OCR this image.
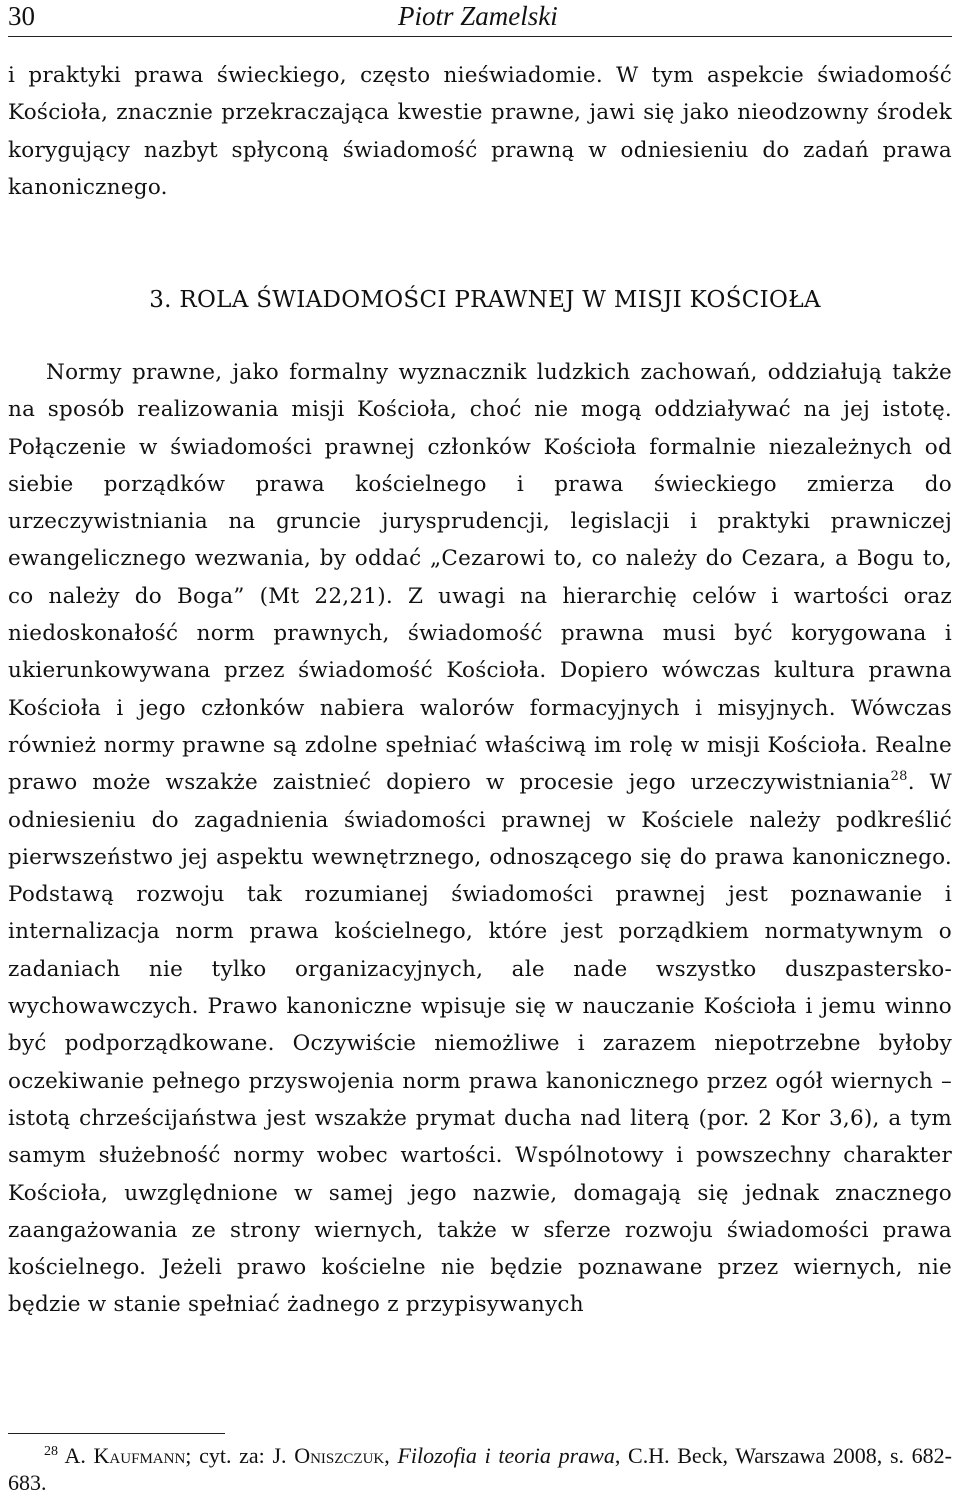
30	Piotr Zamelski

i praktyki prawa świeckiego, często nieświadomie. W tym aspekcie świadomość Kościoła, znacznie przekraczająca kwestie prawne, jawi się jako nieodzowny środek korygujący nazbyt spłyconą świadomość prawną w odniesieniu do zadań prawa kanonicznego.

3. ROLA ŚWIADOMOŚCI PRAWNEJ W MISJI KOŚCIOŁA

Normy prawne, jako formalny wyznacznik ludzkich zachowań, oddziałują także na sposób realizowania misji Kościoła, choć nie mogą oddziaływać na jej istotę. Połączenie w świadomości prawnej członków Kościoła formalnie niezależnych od siebie porządków prawa kościelnego i prawa świeckiego zmierza do urzeczywistniania na gruncie jurysprudencji, legislacji i praktyki prawniczej ewangelicznego wezwania, by oddać „Cezarowi to, co należy do Cezara, a Bogu to, co należy do Boga” (Mt 22,21). Z uwagi na hierarchię celów i wartości oraz niedoskonałość norm prawnych, świadomość prawna musi być korygowana i ukierunkowywana przez świadomość Kościoła. Dopiero wówczas kultura prawna Kościoła i jego członków nabiera walorów formacyjnych i misyjnych. Wówczas również normy prawne są zdolne spełniać właściwą im rolę w misji Kościoła. Realne prawo może wszakże zaistnieć dopiero w procesie jego urzeczywistniania$^{28}$. W odniesieniu do zagadnienia świadomości prawnej w Kościele należy podkreślić pierwszeństwo jej aspektu wewnętrznego, odnoszącego się do prawa kanonicznego. Podstawą rozwoju tak rozumianej świadomości prawnej jest poznawanie i internalizacja norm prawa kościelnego, które jest porządkiem normatywnym o zadaniach nie tylko organizacyjnych, ale nade wszystko duszpastersko-wychowawczych. Prawo kanoniczne wpisuje się w nauczanie Kościoła i jemu winno być podporządkowane. Oczywiście niemożliwe i zarazem niepotrzebne byłoby oczekiwanie pełnego przyswojenia norm prawa kanonicznego przez ogół wiernych – istotą chrześcijaństwa jest wszakże prymat ducha nad literą (por. 2 Kor 3,6), a tym samym służebność normy wobec wartości. Wspólnotowy i powszechny charakter Kościoła, uwzględnione w samej jego nazwie, domagają się jednak znacznego zaangażowania ze strony wiernych, także w sferze rozwoju świadomości prawa kościelnego. Jeżeli prawo kościelne nie będzie poznawane przez wiernych, nie będzie w stanie spełniać żadnego z przypisywanych

$^{28}$ A. Kaufmann; cyt. za: J. Oniszczuk, Filozofia i teoria prawa, C.H. Beck, Warszawa 2008, s. 682-683.
